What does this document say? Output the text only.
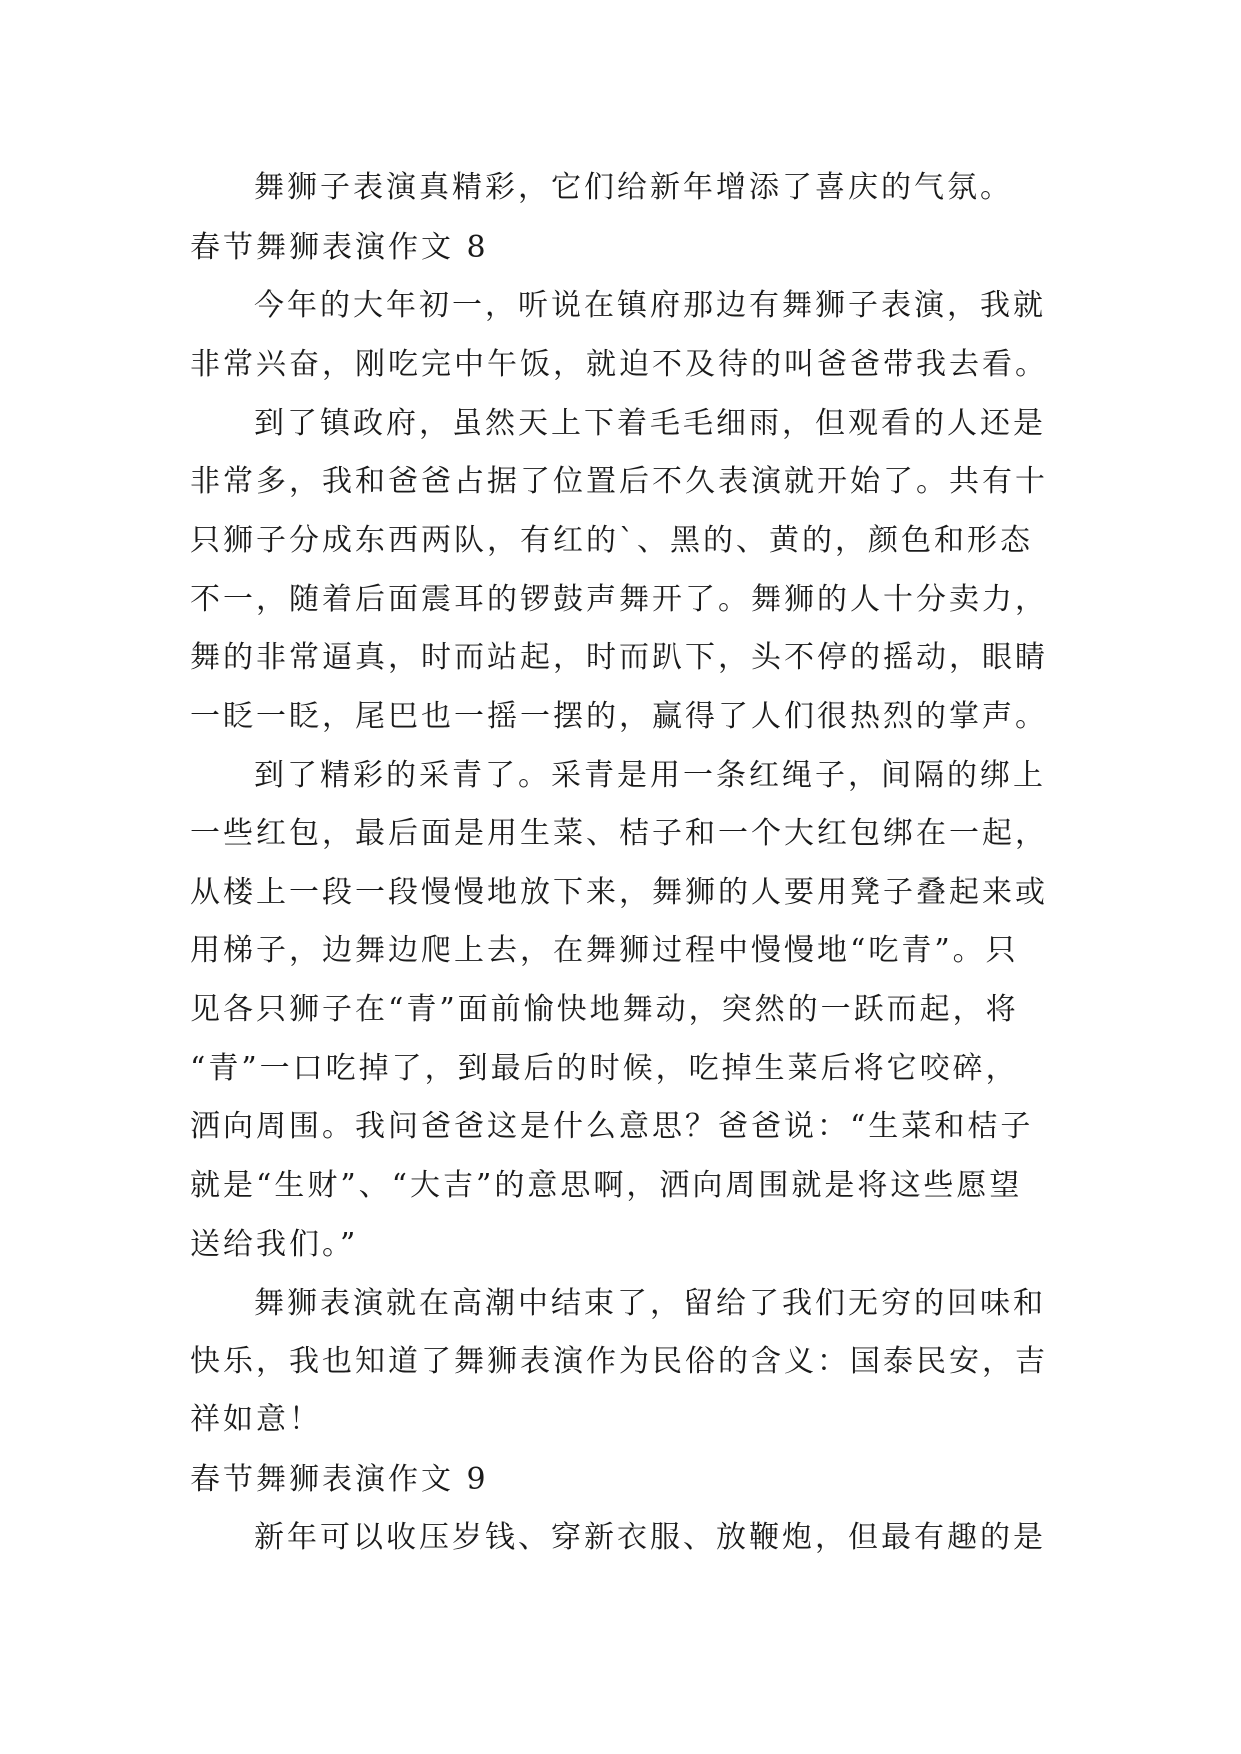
舞狮子表演真精彩，它们给新年增添了喜庆的气氛。
春节舞狮表演作文 8
今年的大年初一，听说在镇府那边有舞狮子表演，我就
非常兴奋，刚吃完中午饭，就迫不及待的叫爸爸带我去看。
到了镇政府，虽然天上下着毛毛细雨，但观看的人还是
非常多，我和爸爸占据了位置后不久表演就开始了。共有十
只狮子分成东西两队，有红的`、黑的、黄的，颜色和形态
不一，随着后面震耳的锣鼓声舞开了。舞狮的人十分卖力，
舞的非常逼真，时而站起，时而趴下，头不停的摇动，眼睛
一眨一眨，尾巴也一摇一摆的，赢得了人们很热烈的掌声。
到了精彩的采青了。采青是用一条红绳子，间隔的绑上
一些红包，最后面是用生菜、桔子和一个大红包绑在一起，
从楼上一段一段慢慢地放下来，舞狮的人要用凳子叠起来或
用梯子，边舞边爬上去，在舞狮过程中慢慢地“吃青”。只
见各只狮子在“青”面前愉快地舞动，突然的一跃而起，将
“青”一口吃掉了，到最后的时候，吃掉生菜后将它咬碎，
洒向周围。我问爸爸这是什么意思？爸爸说：“生菜和桔子
就是“生财”、“大吉”的意思啊，洒向周围就是将这些愿望
送给我们。”
舞狮表演就在高潮中结束了，留给了我们无穷的回味和
快乐，我也知道了舞狮表演作为民俗的含义：国泰民安，吉
祥如意！
春节舞狮表演作文 9
新年可以收压岁钱、穿新衣服、放鞭炮，但最有趣的是
